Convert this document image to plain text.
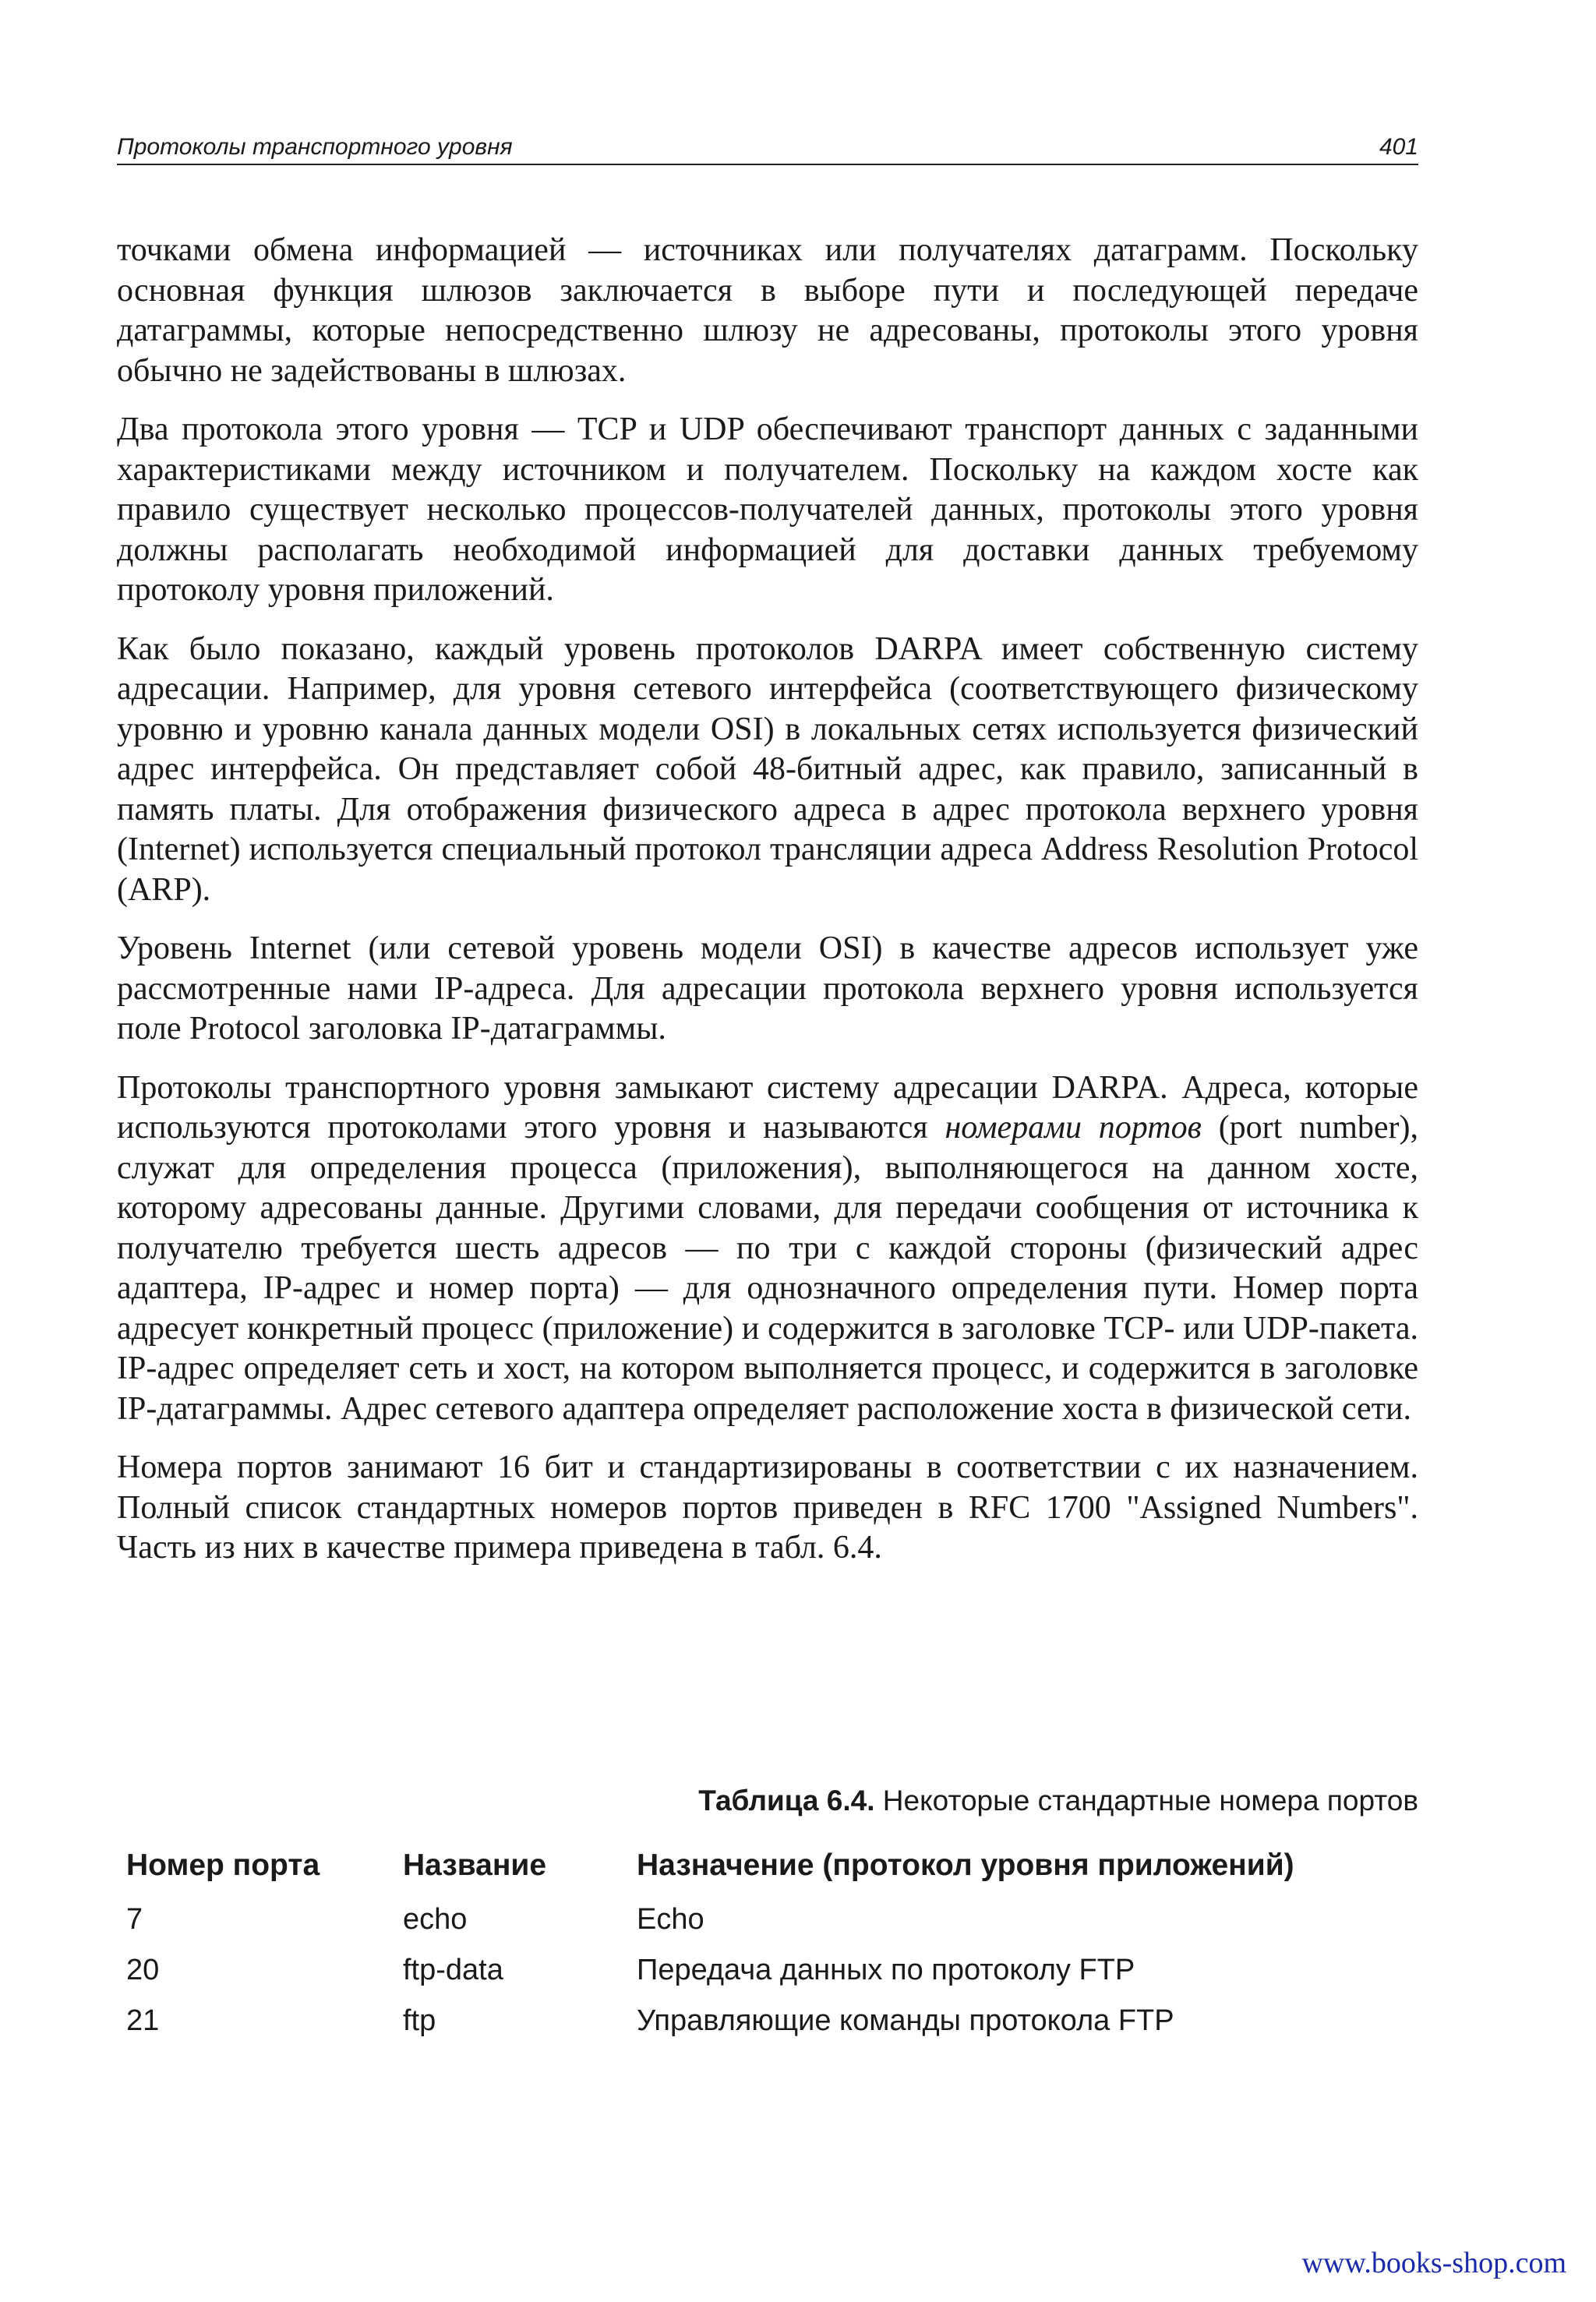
Протоколы транспортного уровня	401

точками обмена информацией — источниках или получателях датаграмм. Поскольку основная функция шлюзов заключается в выборе пути и последующей передаче датаграммы, которые непосредственно шлюзу не адресованы, протоколы этого уровня обычно не задействованы в шлюзах.

Два протокола этого уровня — TCP и UDP обеспечивают транспорт данных с заданными характеристиками между источником и получателем. Поскольку на каждом хосте как правило существует несколько процессов-получателей данных, протоколы этого уровня должны располагать необходимой информацией для доставки данных требуемому протоколу уровня приложений.

Как было показано, каждый уровень протоколов DARPA имеет собственную систему адресации. Например, для уровня сетевого интерфейса (соответствующего физическому уровню и уровню канала данных модели OSI) в локальных сетях используется физический адрес интерфейса. Он представляет собой 48-битный адрес, как правило, записанный в память платы. Для отображения физического адреса в адрес протокола верхнего уровня (Internet) используется специальный протокол трансляции адреса Address Resolution Protocol (ARP).

Уровень Internet (или сетевой уровень модели OSI) в качестве адресов использует уже рассмотренные нами IP-адреса. Для адресации протокола верхнего уровня используется поле Protocol заголовка IP-датаграммы.

Протоколы транспортного уровня замыкают систему адресации DARPA. Адреса, которые используются протоколами этого уровня и называются номерами портов (port number), служат для определения процесса (приложения), выполняющегося на данном хосте, которому адресованы данные. Другими словами, для передачи сообщения от источника к получателю требуется шесть адресов — по три с каждой стороны (физический адрес адаптера, IP-адрес и номер порта) — для однозначного определения пути. Номер порта адресует конкретный процесс (приложение) и содержится в заголовке TCP- или UDP-пакета. IP-адрес определяет сеть и хост, на котором выполняется процесс, и содержится в заголовке IP-датаграммы. Адрес сетевого адаптера определяет расположение хоста в физической сети.

Номера портов занимают 16 бит и стандартизированы в соответствии с их назначением. Полный список стандартных номеров портов приведен в RFC 1700 "Assigned Numbers". Часть из них в качестве примера приведена в табл. 6.4.

Таблица 6.4. Некоторые стандартные номера портов
Номер порта	Название	Назначение (протокол уровня приложений)
7	echo	Echo
20	ftp-data	Передача данных по протоколу FTP
21	ftp	Управляющие команды протокола FTP
www.books-shop.com
